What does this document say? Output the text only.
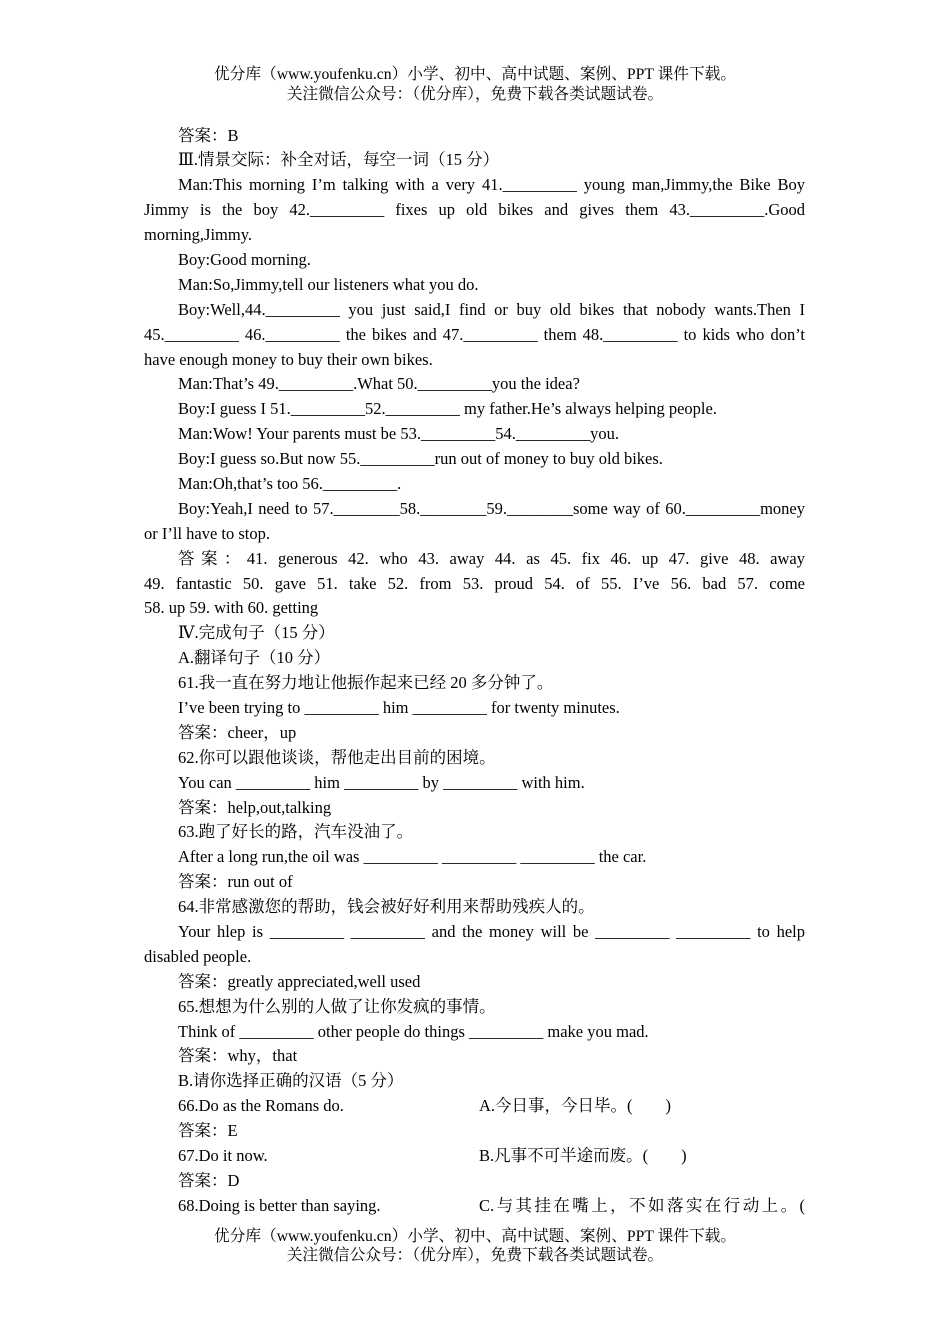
优分库（www.youfenku.cn）小学、初中、高中试题、案例、PPT 课件下载。
关注微信公众号：（优分库），免费下载各类试题试卷。
答案：B
Ⅲ.情景交际：补全对话，每空一词（15 分）
Man:This morning I’m talking with a very 41._________ young man,Jimmy,the Bike Boy
Jimmy is the boy 42._________ fixes up old bikes and gives them 43._________.Good
morning,Jimmy.
Boy:Good morning.
Man:So,Jimmy,tell our listeners what you do.
Boy:Well,44._________ you just said,I find or buy old bikes that nobody wants.Then I
45._________ 46._________ the bikes and 47._________ them 48._________ to kids who don’t
have enough money to buy their own bikes.
Man:That’s 49._________.What 50._________you the idea?
Boy:I guess I 51._________52._________ my father.He’s always helping people.
Man:Wow! Your parents must be 53._________54._________you.
Boy:I guess so.But now 55._________run out of money to buy old bikes.
Man:Oh,that’s too 56._________.
Boy:Yeah,I need to 57.________58.________59.________some way of 60._________money
or I’ll have to stop.
答案：41. generous 42. who 43. away 44. as 45. fix 46. up 47. give 48. away
49. fantastic 50. gave 51. take 52. from 53. proud 54. of 55. I’ve 56. bad 57. come
58. up 59. with 60. getting
Ⅳ.完成句子（15 分）
A.翻译句子（10 分）
61.我一直在努力地让他振作起来已经 20 多分钟了。
I’ve been trying to _________ him _________ for twenty minutes.
答案：cheer，up
62.你可以跟他谈谈，帮他走出目前的困境。
You can _________ him _________ by _________ with him.
答案：help,out,talking
63.跑了好长的路，汽车没油了。
After a long run,the oil was _________ _________ _________ the car.
答案：run out of
64.非常感激您的帮助，钱会被好好利用来帮助残疾人的。
Your hlep is _________ _________ and the money will be _________ _________ to help
disabled people.
答案：greatly appreciated,well used
65.想想为什么别的人做了让你发疯的事情。
Think of _________ other people do things _________ make you mad.
答案：why，that
B.请你选择正确的汉语（5 分）
66.Do as the Romans do.	A.今日事，今日毕。(        )
答案：E
67.Do it now.	B.凡事不可半途而废。(        )
答案：D
68.Doing is better than saying.	C.与其挂在嘴上，不如落实在行动上。(
优分库（www.youfenku.cn）小学、初中、高中试题、案例、PPT 课件下载。
关注微信公众号：（优分库），免费下载各类试题试卷。
